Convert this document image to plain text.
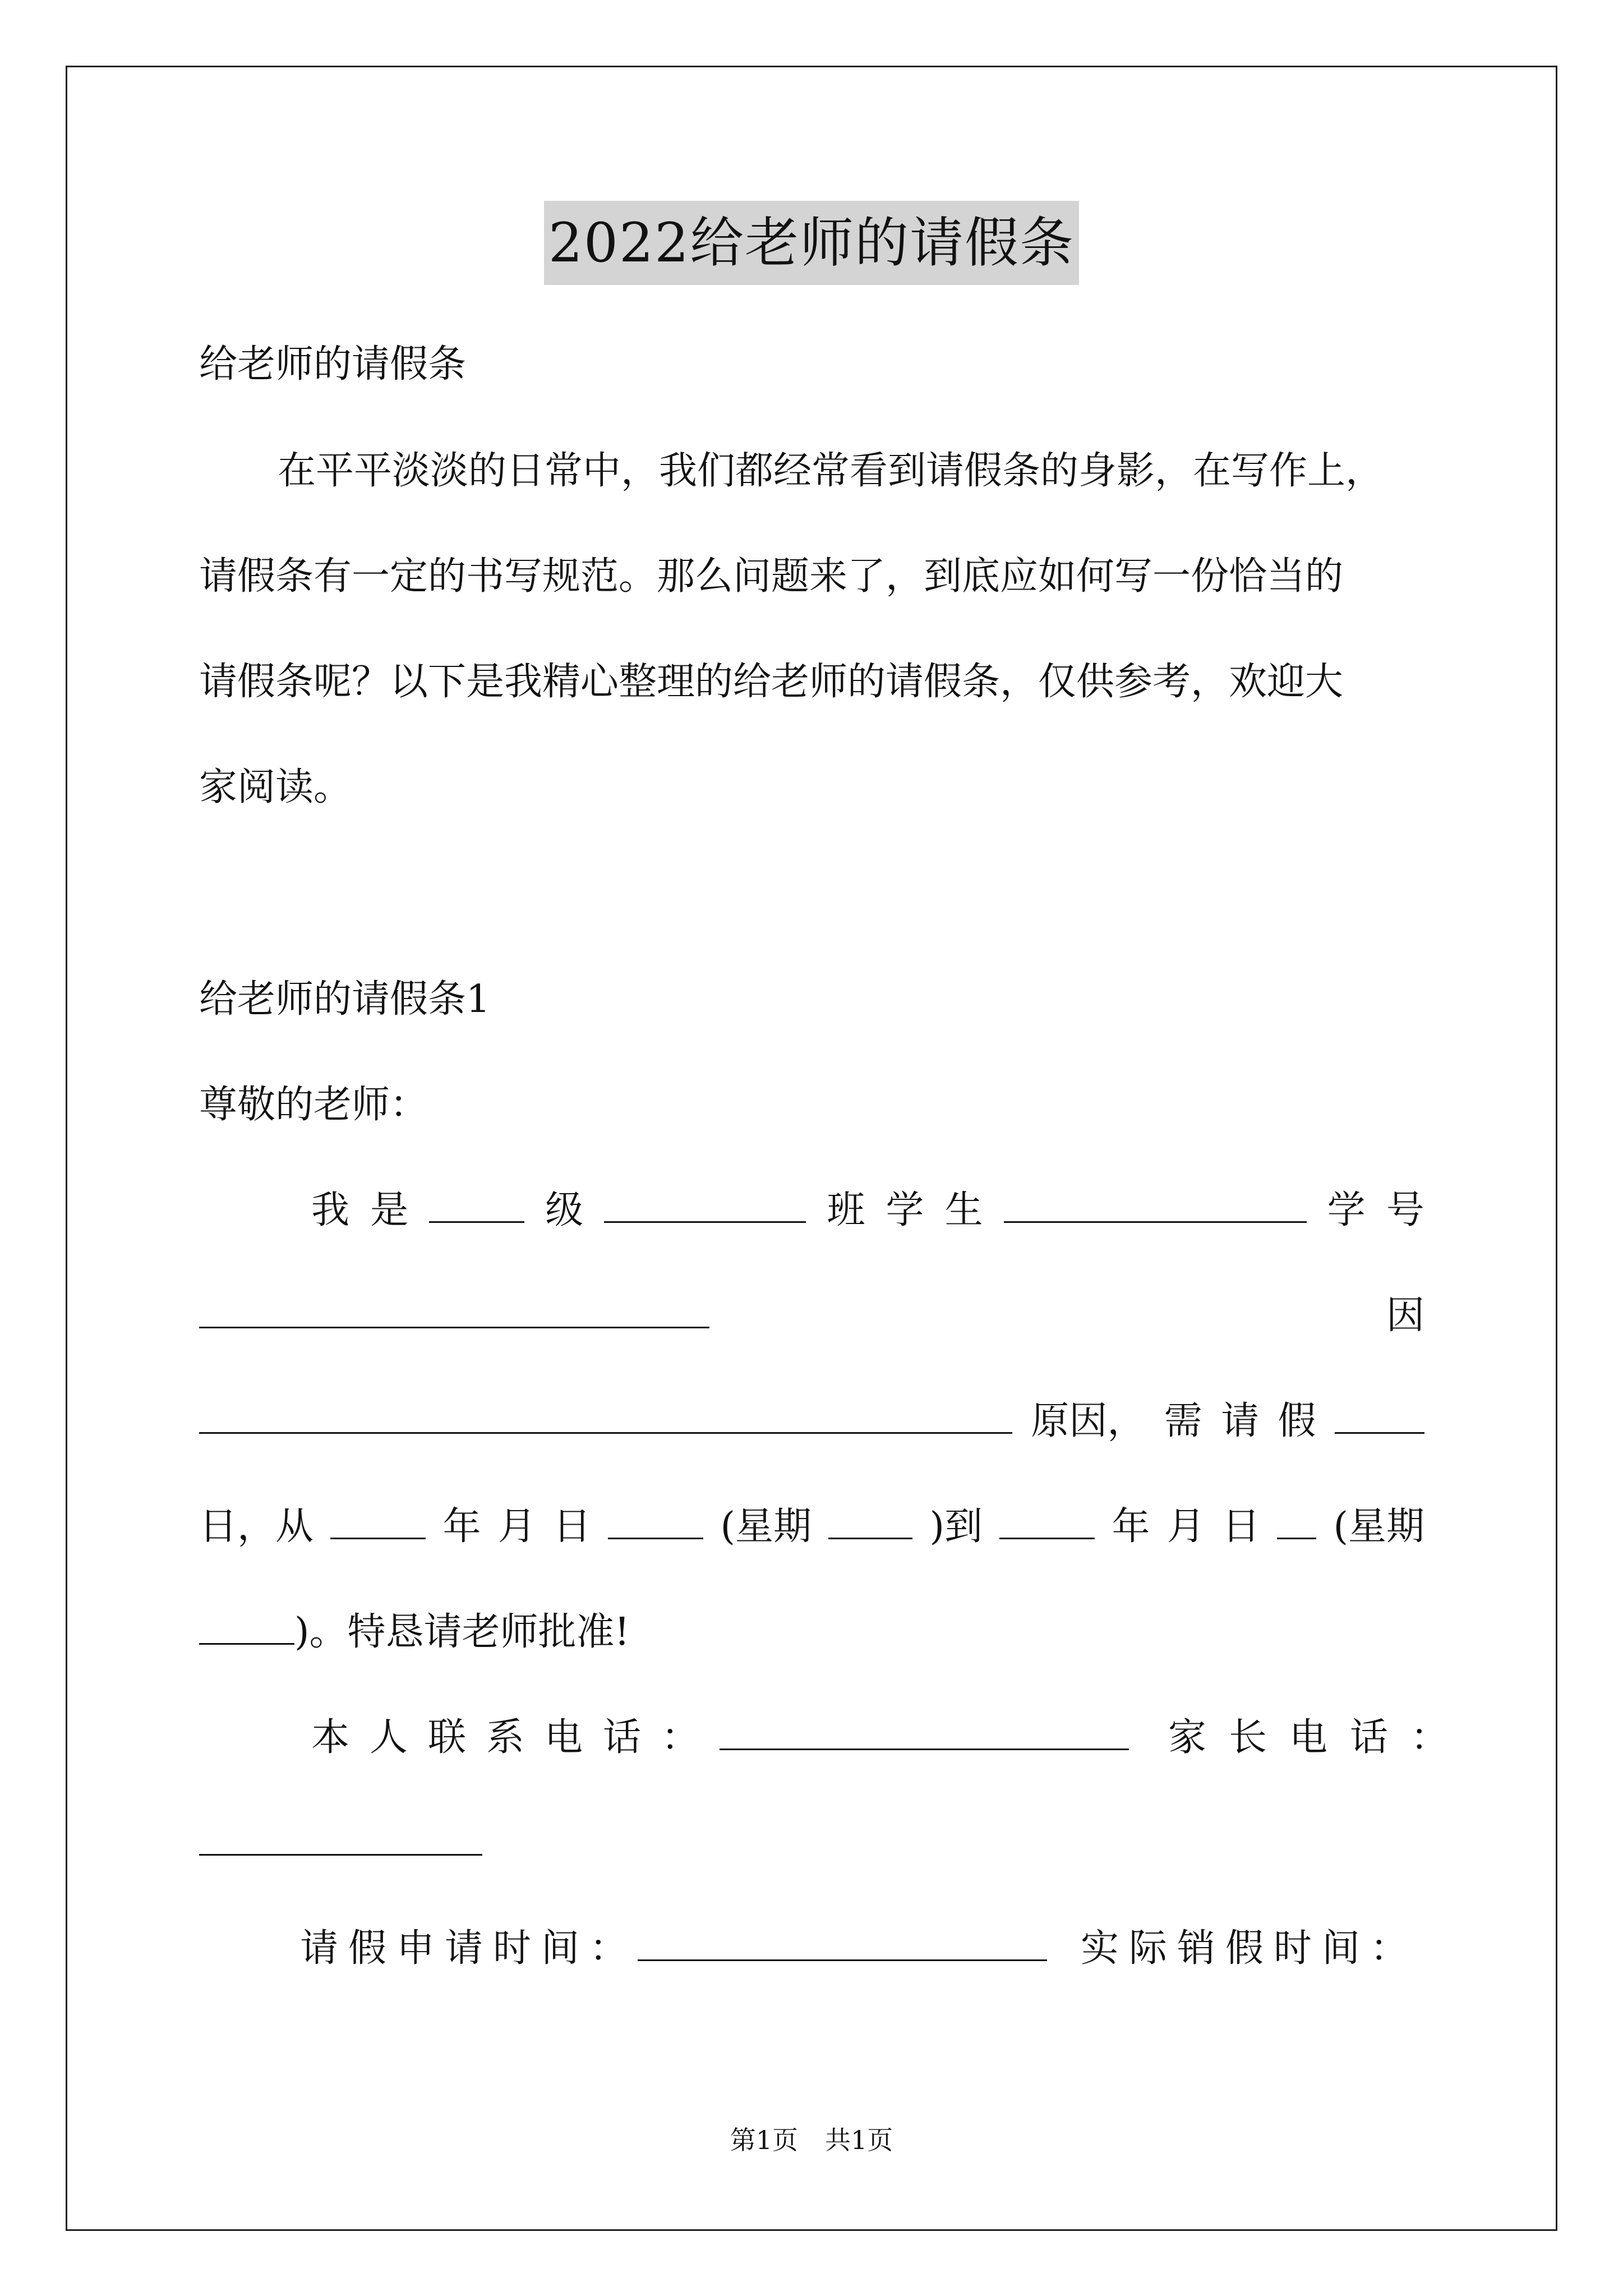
2022给老师的请假条
给老师的请假条
在平平淡淡的日常中，我们都经常看到请假条的身影，在写作上，
请假条有一定的书写规范。那么问题来了，到底应如何写一份恰当的
请假条呢？以下是我精心整理的给老师的请假条，仅供参考，欢迎大
家阅读。
给老师的请假条1
尊敬的老师：
我 是	级	班 学 生	学 号
因
原因， 需 请 假
日，从	年 月 日	(星期	)到	年 月 日 (星期
)。特恳请老师批准!
本人联系电话：	家长电话：
请假申请时间：	实际销假时间：
第1页 共1页
